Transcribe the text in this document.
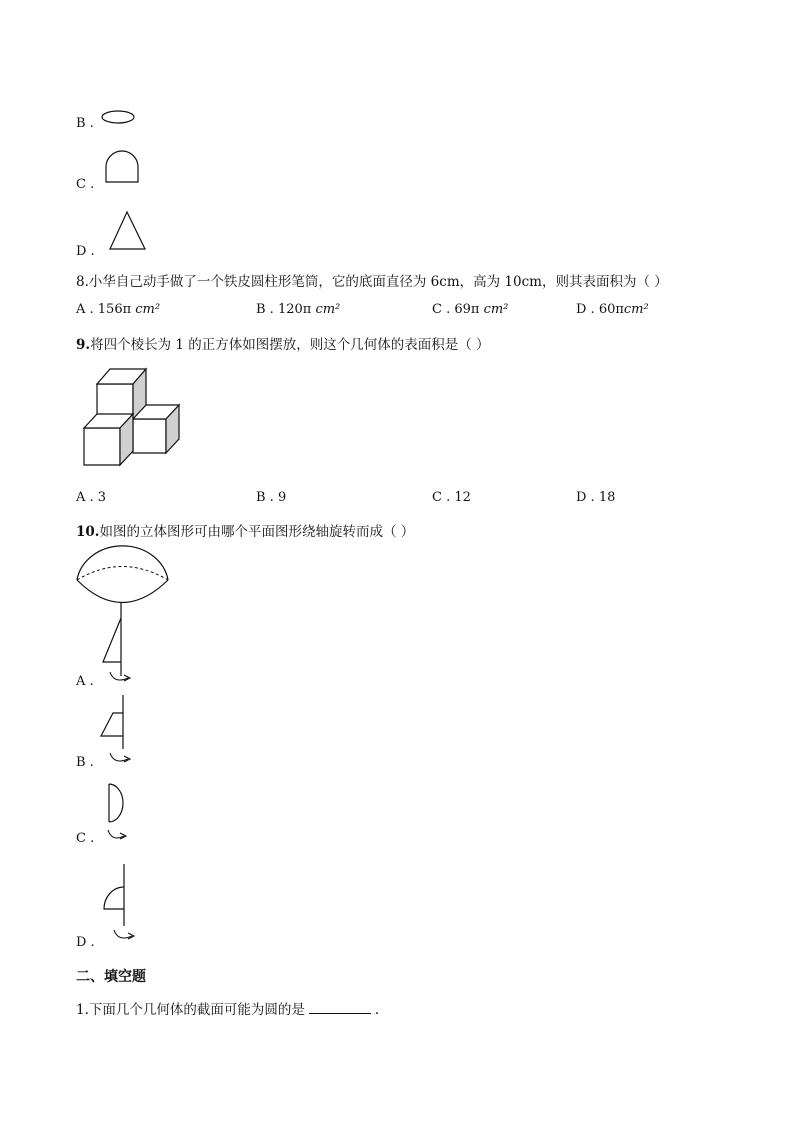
B .
C .
D .
8.小华自己动手做了一个铁皮圆柱形笔筒，它的底面直径为 6cm，高为 10cm，则其表面积为（ ）
A . 156π cm²	B . 120π cm²	C . 69π cm²	D . 60πcm²
9.将四个棱长为 1 的正方体如图摆放，则这个几何体的表面积是（ ）
A . 3	B . 9	C . 12	D . 18
10.如图的立体图形可由哪个平面图形绕轴旋转而成（ ）
A .
B .
C .
D .
二、填空题
1.下面几个几何体的截面可能为圆的是	.
